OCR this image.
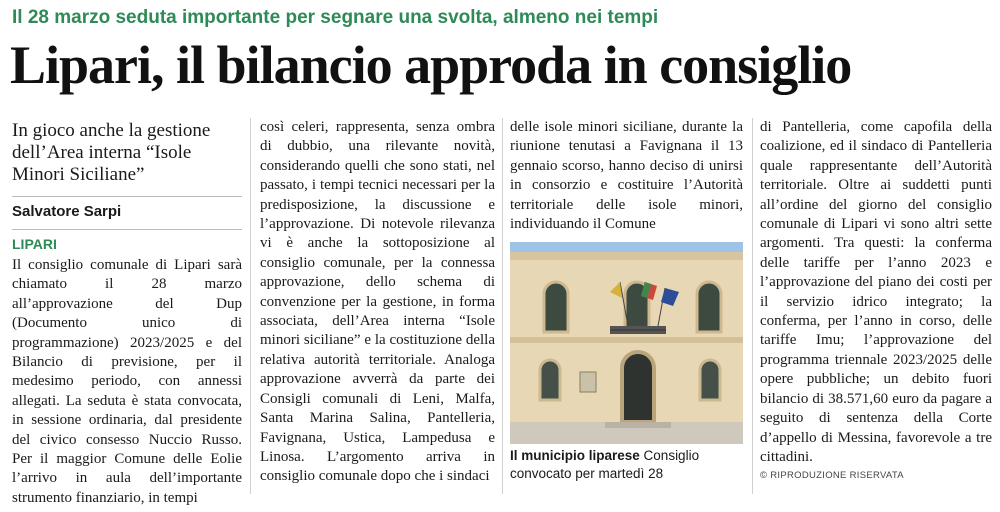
Il 28 marzo seduta importante per segnare una svolta, almeno nei tempi
Lipari, il bilancio approda in consiglio
In gioco anche la gestione dell’Area interna “Isole Minori Siciliane”
Salvatore Sarpi
LIPARI

Il consiglio comunale di Lipari sarà chiamato il 28 marzo all’approvazione del Dup (Documento unico di programmazione) 2023/2025 e del Bilancio di previsione, per il medesimo periodo, con annessi allegati. La seduta è stata convocata, in sessione ordinaria, dal presidente del civico consesso Nuccio Russo. Per il maggior Comune delle Eolie l’arrivo in aula dell’importante strumento finanziario, in tempi

così celeri, rappresenta, senza ombra di dubbio, una rilevante novità, considerando quelli che sono stati, nel passato, i tempi tecnici necessari per la predisposizione, la discussione e l’approvazione. Di notevole rilevanza vi è anche la sottoposizione al consiglio comunale, per la connessa approvazione, dello schema di convenzione per la gestione, in forma associata, dell’Area interna “Isole minori siciliane” e la costituzione della relativa autorità territoriale. Analoga approvazione avverrà da parte dei Consigli comunali di Leni, Malfa, Santa Marina Salina, Pantelleria, Favignana, Ustica, Lampedusa e Linosa. L’argomento arriva in consiglio comunale dopo che i sindaci

delle isole minori siciliane, durante la riunione tenutasi a Favignana il 13 gennaio scorso, hanno deciso di unirsi in consorzio e costituire l’Autorità territoriale delle isole minori, individuando il Comune

Il municipio liparese Consiglio convocato per martedì 28

di Pantelleria, come capofila della coalizione, ed il sindaco di Pantelleria quale rappresentante dell’Autorità territoriale. Oltre ai suddetti punti all’ordine del giorno del consiglio comunale di Lipari vi sono altri sette argomenti. Tra questi: la conferma delle tariffe per l’anno 2023 e l’approvazione del piano dei costi per il servizio idrico integrato; la conferma, per l’anno in corso, delle tariffe Imu; l’approvazione del programma triennale 2023/2025 delle opere pubbliche; un debito fuori bilancio di 38.571,60 euro da pagare a seguito di sentenza della Corte d’appello di Messina, favorevole a tre cittadini.

© RIPRODUZIONE RISERVATA
